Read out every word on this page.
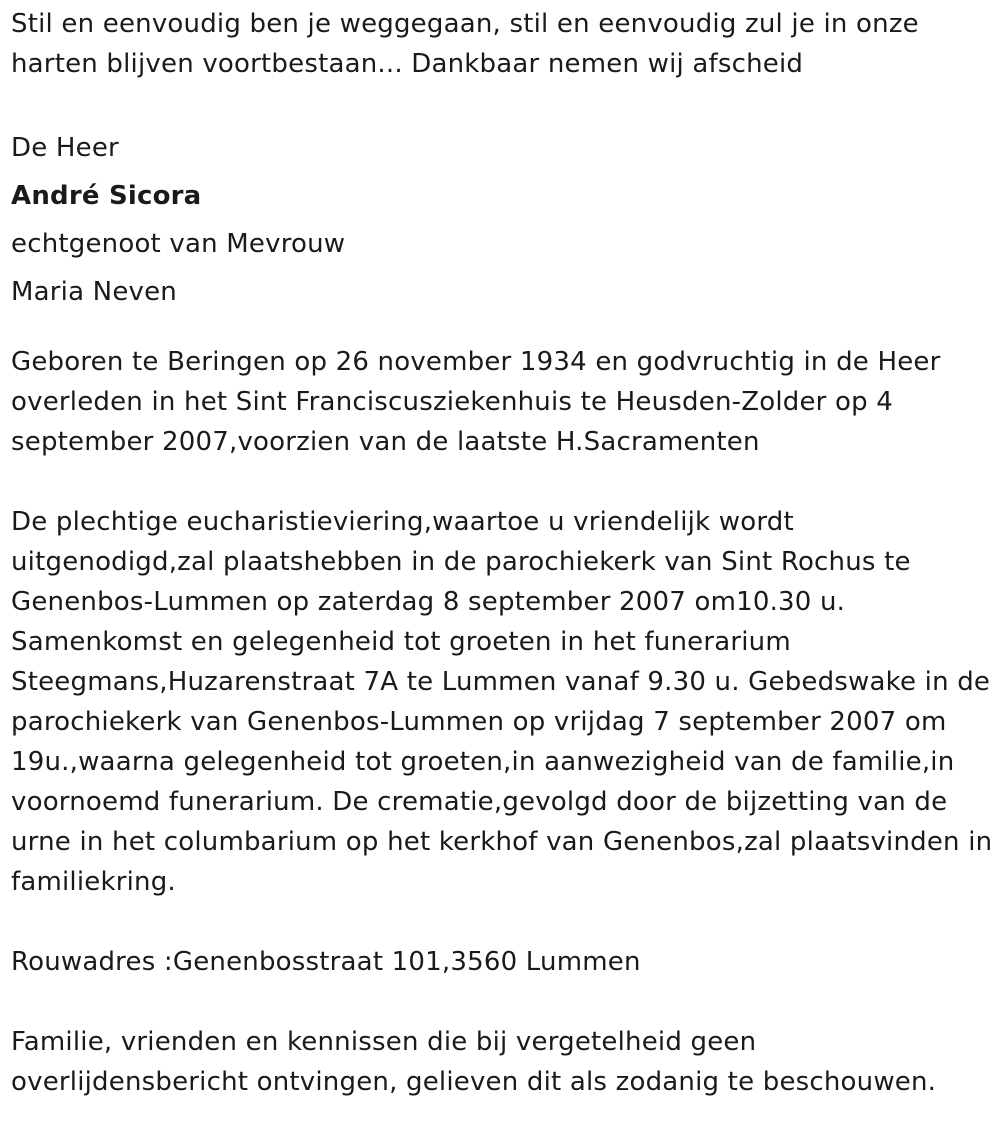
Stil en eenvoudig ben je weggegaan, stil en eenvoudig zul je in onze harten blijven voortbestaan... Dankbaar nemen wij afscheid

De Heer

André Sicora

echtgenoot van Mevrouw

Maria Neven

Geboren te Beringen op 26 november 1934 en godvruchtig in de Heer overleden in het Sint Franciscusziekenhuis te Heusden-Zolder op 4 september 2007,voorzien van de laatste H.Sacramenten

De plechtige eucharistieviering,waartoe u vriendelijk wordt uitgenodigd,zal plaatshebben in de parochiekerk van Sint Rochus te Genenbos-Lummen op zaterdag 8 september 2007 om10.30 u. Samenkomst en gelegenheid tot groeten in het funerarium Steegmans,Huzarenstraat 7A te Lummen vanaf 9.30 u. Gebedswake in de parochiekerk van Genenbos-Lummen op vrijdag 7 september 2007 om 19u.,waarna gelegenheid tot groeten,in aanwezigheid van de familie,in voornoemd funerarium. De crematie,gevolgd door de bijzetting van de urne in het columbarium op het kerkhof van Genenbos,zal plaatsvinden in familiekring.

Rouwadres :Genenbosstraat 101,3560 Lummen

Familie, vrienden en kennissen die bij vergetelheid geen overlijdensbericht ontvingen, gelieven dit als zodanig te beschouwen.
